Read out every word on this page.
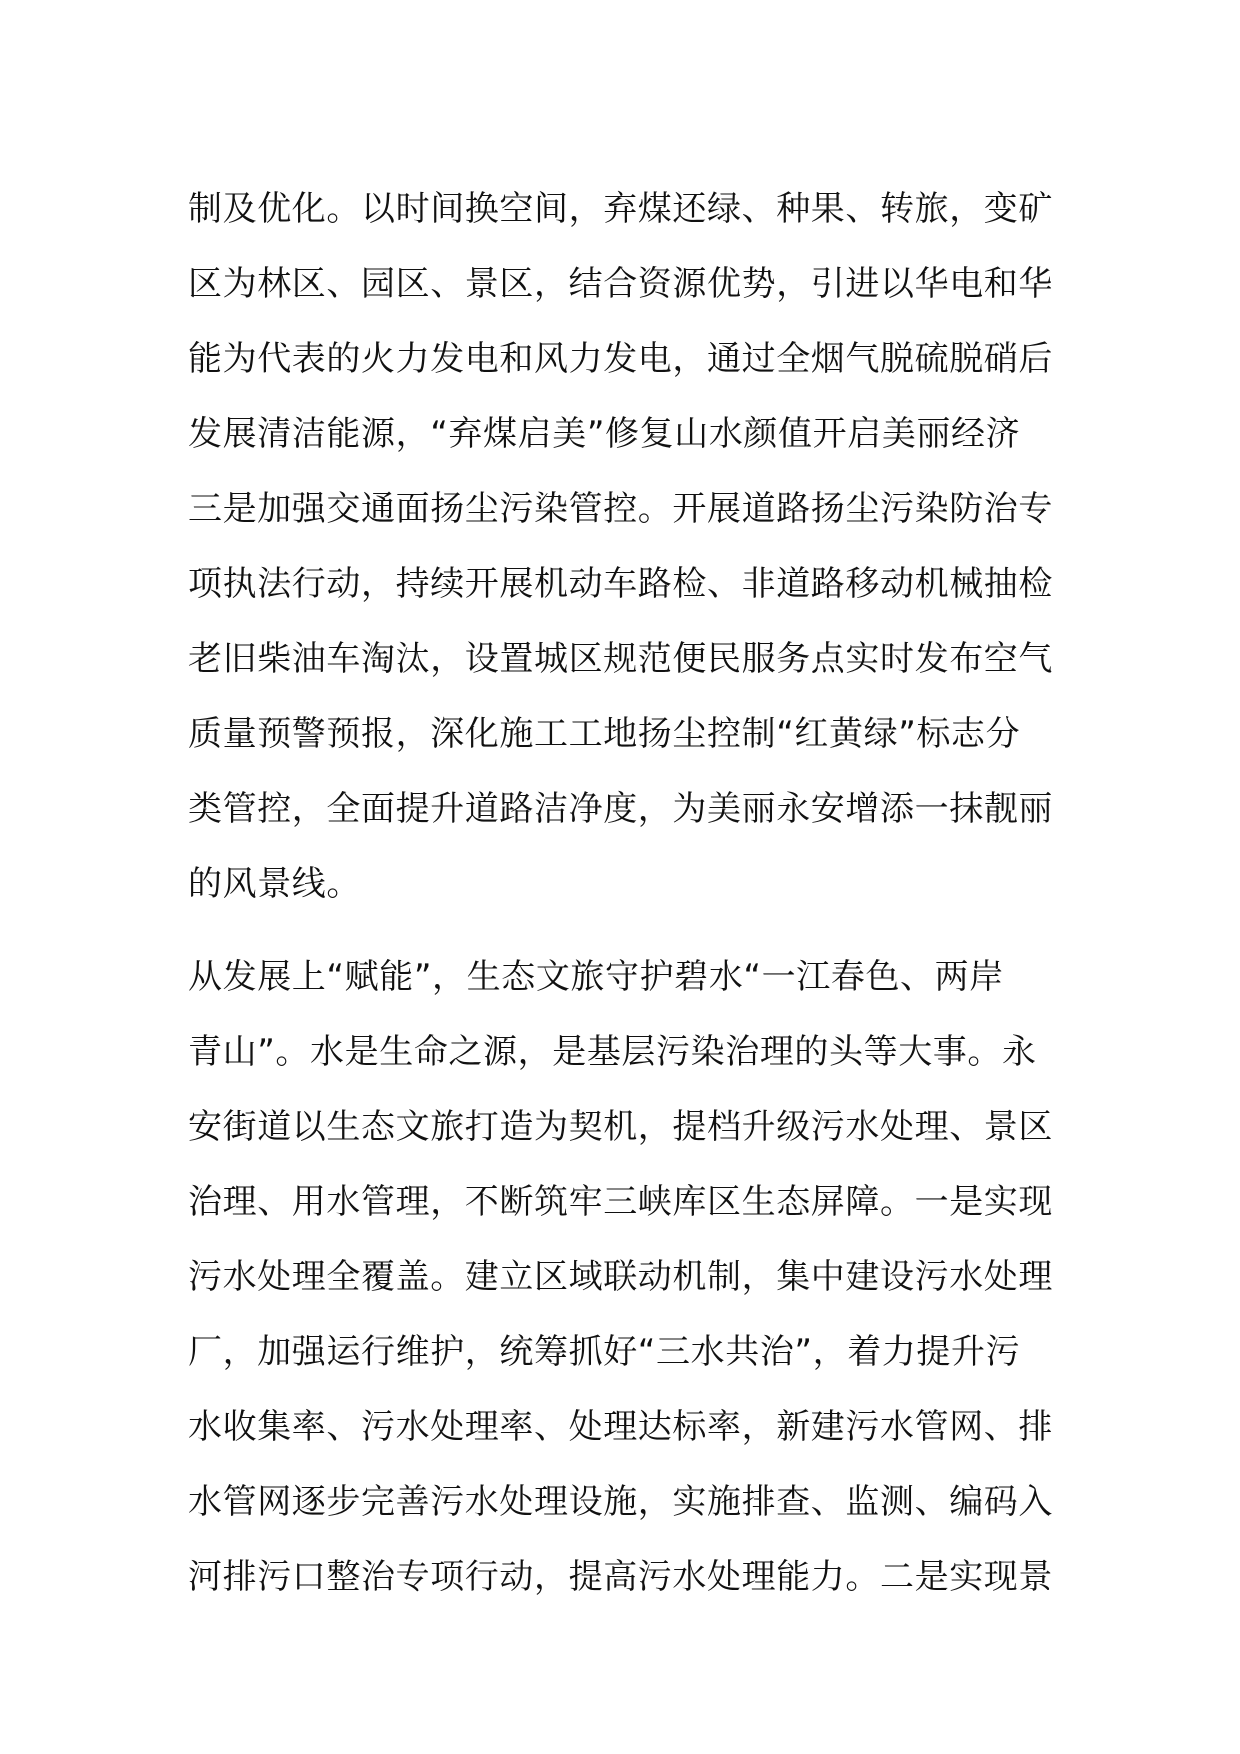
制及优化。以时间换空间，弃煤还绿、种果、转旅，变矿
区为林区、园区、景区，结合资源优势，引进以华电和华
能为代表的火力发电和风力发电，通过全烟气脱硫脱硝后
发展清洁能源，“弃煤启美”修复山水颜值开启美丽经济
三是加强交通面扬尘污染管控。开展道路扬尘污染防治专
项执法行动，持续开展机动车路检、非道路移动机械抽检
老旧柴油车淘汰，设置城区规范便民服务点实时发布空气
质量预警预报，深化施工工地扬尘控制“红黄绿”标志分
类管控，全面提升道路洁净度，为美丽永安增添一抹靓丽
的风景线。
从发展上“赋能”，生态文旅守护碧水“一江春色、两岸
青山”。水是生命之源，是基层污染治理的头等大事。永
安街道以生态文旅打造为契机，提档升级污水处理、景区
治理、用水管理，不断筑牢三峡库区生态屏障。一是实现
污水处理全覆盖。建立区域联动机制，集中建设污水处理
厂，加强运行维护，统筹抓好“三水共治”，着力提升污
水收集率、污水处理率、处理达标率，新建污水管网、排
水管网逐步完善污水处理设施，实施排查、监测、编码入
河排污口整治专项行动，提高污水处理能力。二是实现景
